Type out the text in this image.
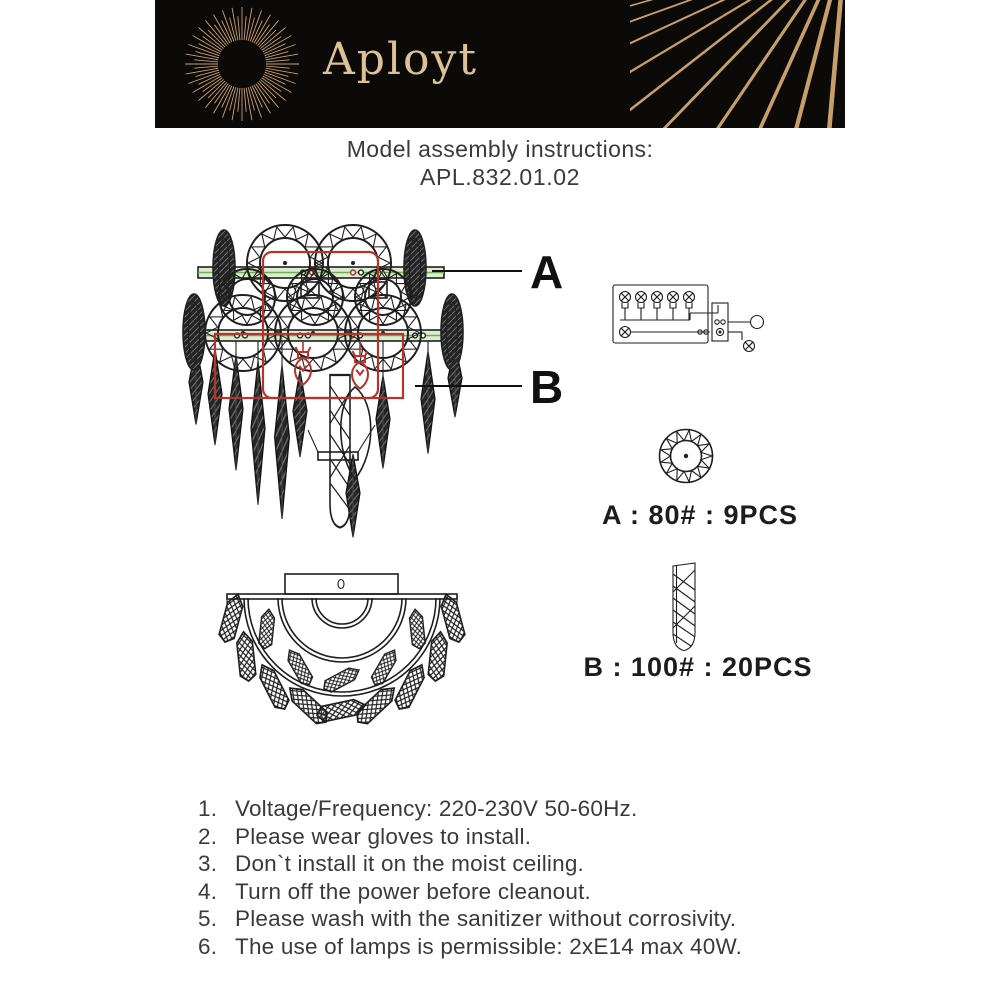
Aployt
Model assembly instructions:
APL.832.01.02
A
B
A : 80# : 9PCS
B : 100# : 20PCS
1. Voltage/Frequency: 220-230V 50-60Hz.
2. Please wear gloves to install.
3. Don`t install it on the moist ceiling.
4. Turn off the power before cleanout.
5. Please wash with the sanitizer without corrosivity.
6. The use of lamps is permissible: 2xE14 max 40W.
